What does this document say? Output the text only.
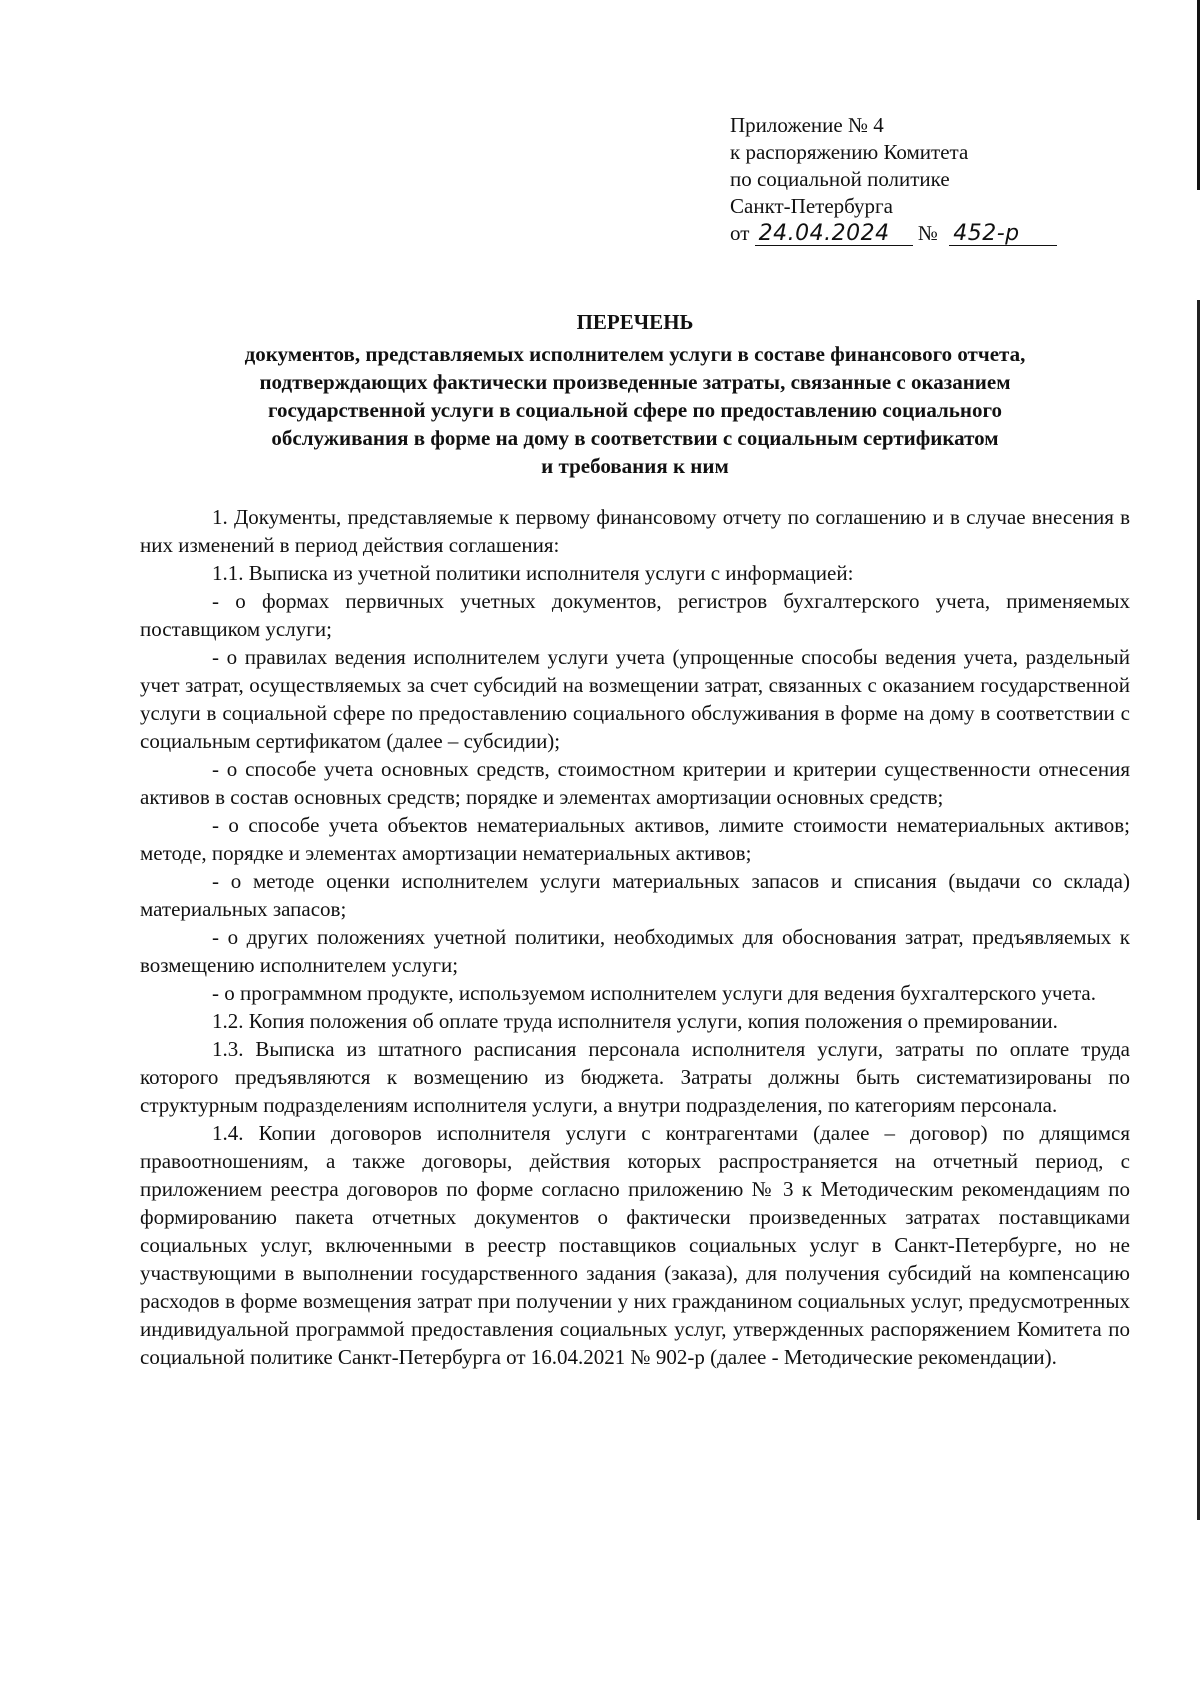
Приложение № 4
к распоряжению Комитета
по социальной политике
Санкт-Петербурга
от 24.04.2024 № 452-р
ПЕРЕЧЕНЬ
документов, представляемых исполнителем услуги в составе финансового отчета,
подтверждающих фактически произведенные затраты, связанные с оказанием
государственной услуги в социальной сфере по предоставлению социального
обслуживания в форме на дому в соответствии с социальным сертификатом
и требования к ним

1. Документы, представляемые к первому финансовому отчету по соглашению и в случае внесения в них изменений в период действия соглашения:

1.1. Выписка из учетной политики исполнителя услуги с информацией:

- о формах первичных учетных документов, регистров бухгалтерского учета, применяемых поставщиком услуги;

- о правилах ведения исполнителем услуги учета (упрощенные способы ведения учета, раздельный учет затрат, осуществляемых за счет субсидий на возмещении затрат, связанных с оказанием государственной услуги в социальной сфере по предоставлению социального обслуживания в форме на дому в соответствии с социальным сертификатом (далее – субсидии);

- о способе учета основных средств, стоимостном критерии и критерии существенности отнесения активов в состав основных средств; порядке и элементах амортизации основных средств;

- о способе учета объектов нематериальных активов, лимите стоимости нематериальных активов; методе, порядке и элементах амортизации нематериальных активов;

- о методе оценки исполнителем услуги материальных запасов и списания (выдачи со склада) материальных запасов;

- о других положениях учетной политики, необходимых для обоснования затрат, предъявляемых к возмещению исполнителем услуги;

- о программном продукте, используемом исполнителем услуги для ведения бухгалтерского учета.

1.2. Копия положения об оплате труда исполнителя услуги, копия положения о премировании.

1.3. Выписка из штатного расписания персонала исполнителя услуги, затраты по оплате труда которого предъявляются к возмещению из бюджета. Затраты должны быть систематизированы по структурным подразделениям исполнителя услуги, а внутри подразделения, по категориям персонала.

1.4. Копии договоров исполнителя услуги с контрагентами (далее – договор) по длящимся правоотношениям, а также договоры, действия которых распространяется на отчетный период, с приложением реестра договоров по форме согласно приложению № 3 к Методическим рекомендациям по формированию пакета отчетных документов о фактически произведенных затратах поставщиками социальных услуг, включенными в реестр поставщиков социальных услуг в Санкт-Петербурге, но не участвующими в выполнении государственного задания (заказа), для получения субсидий на компенсацию расходов в форме возмещения затрат при получении у них гражданином социальных услуг, предусмотренных индивидуальной программой предоставления социальных услуг, утвержденных распоряжением Комитета по социальной политике Санкт-Петербурга от 16.04.2021 № 902-р (далее - Методические рекомендации).
